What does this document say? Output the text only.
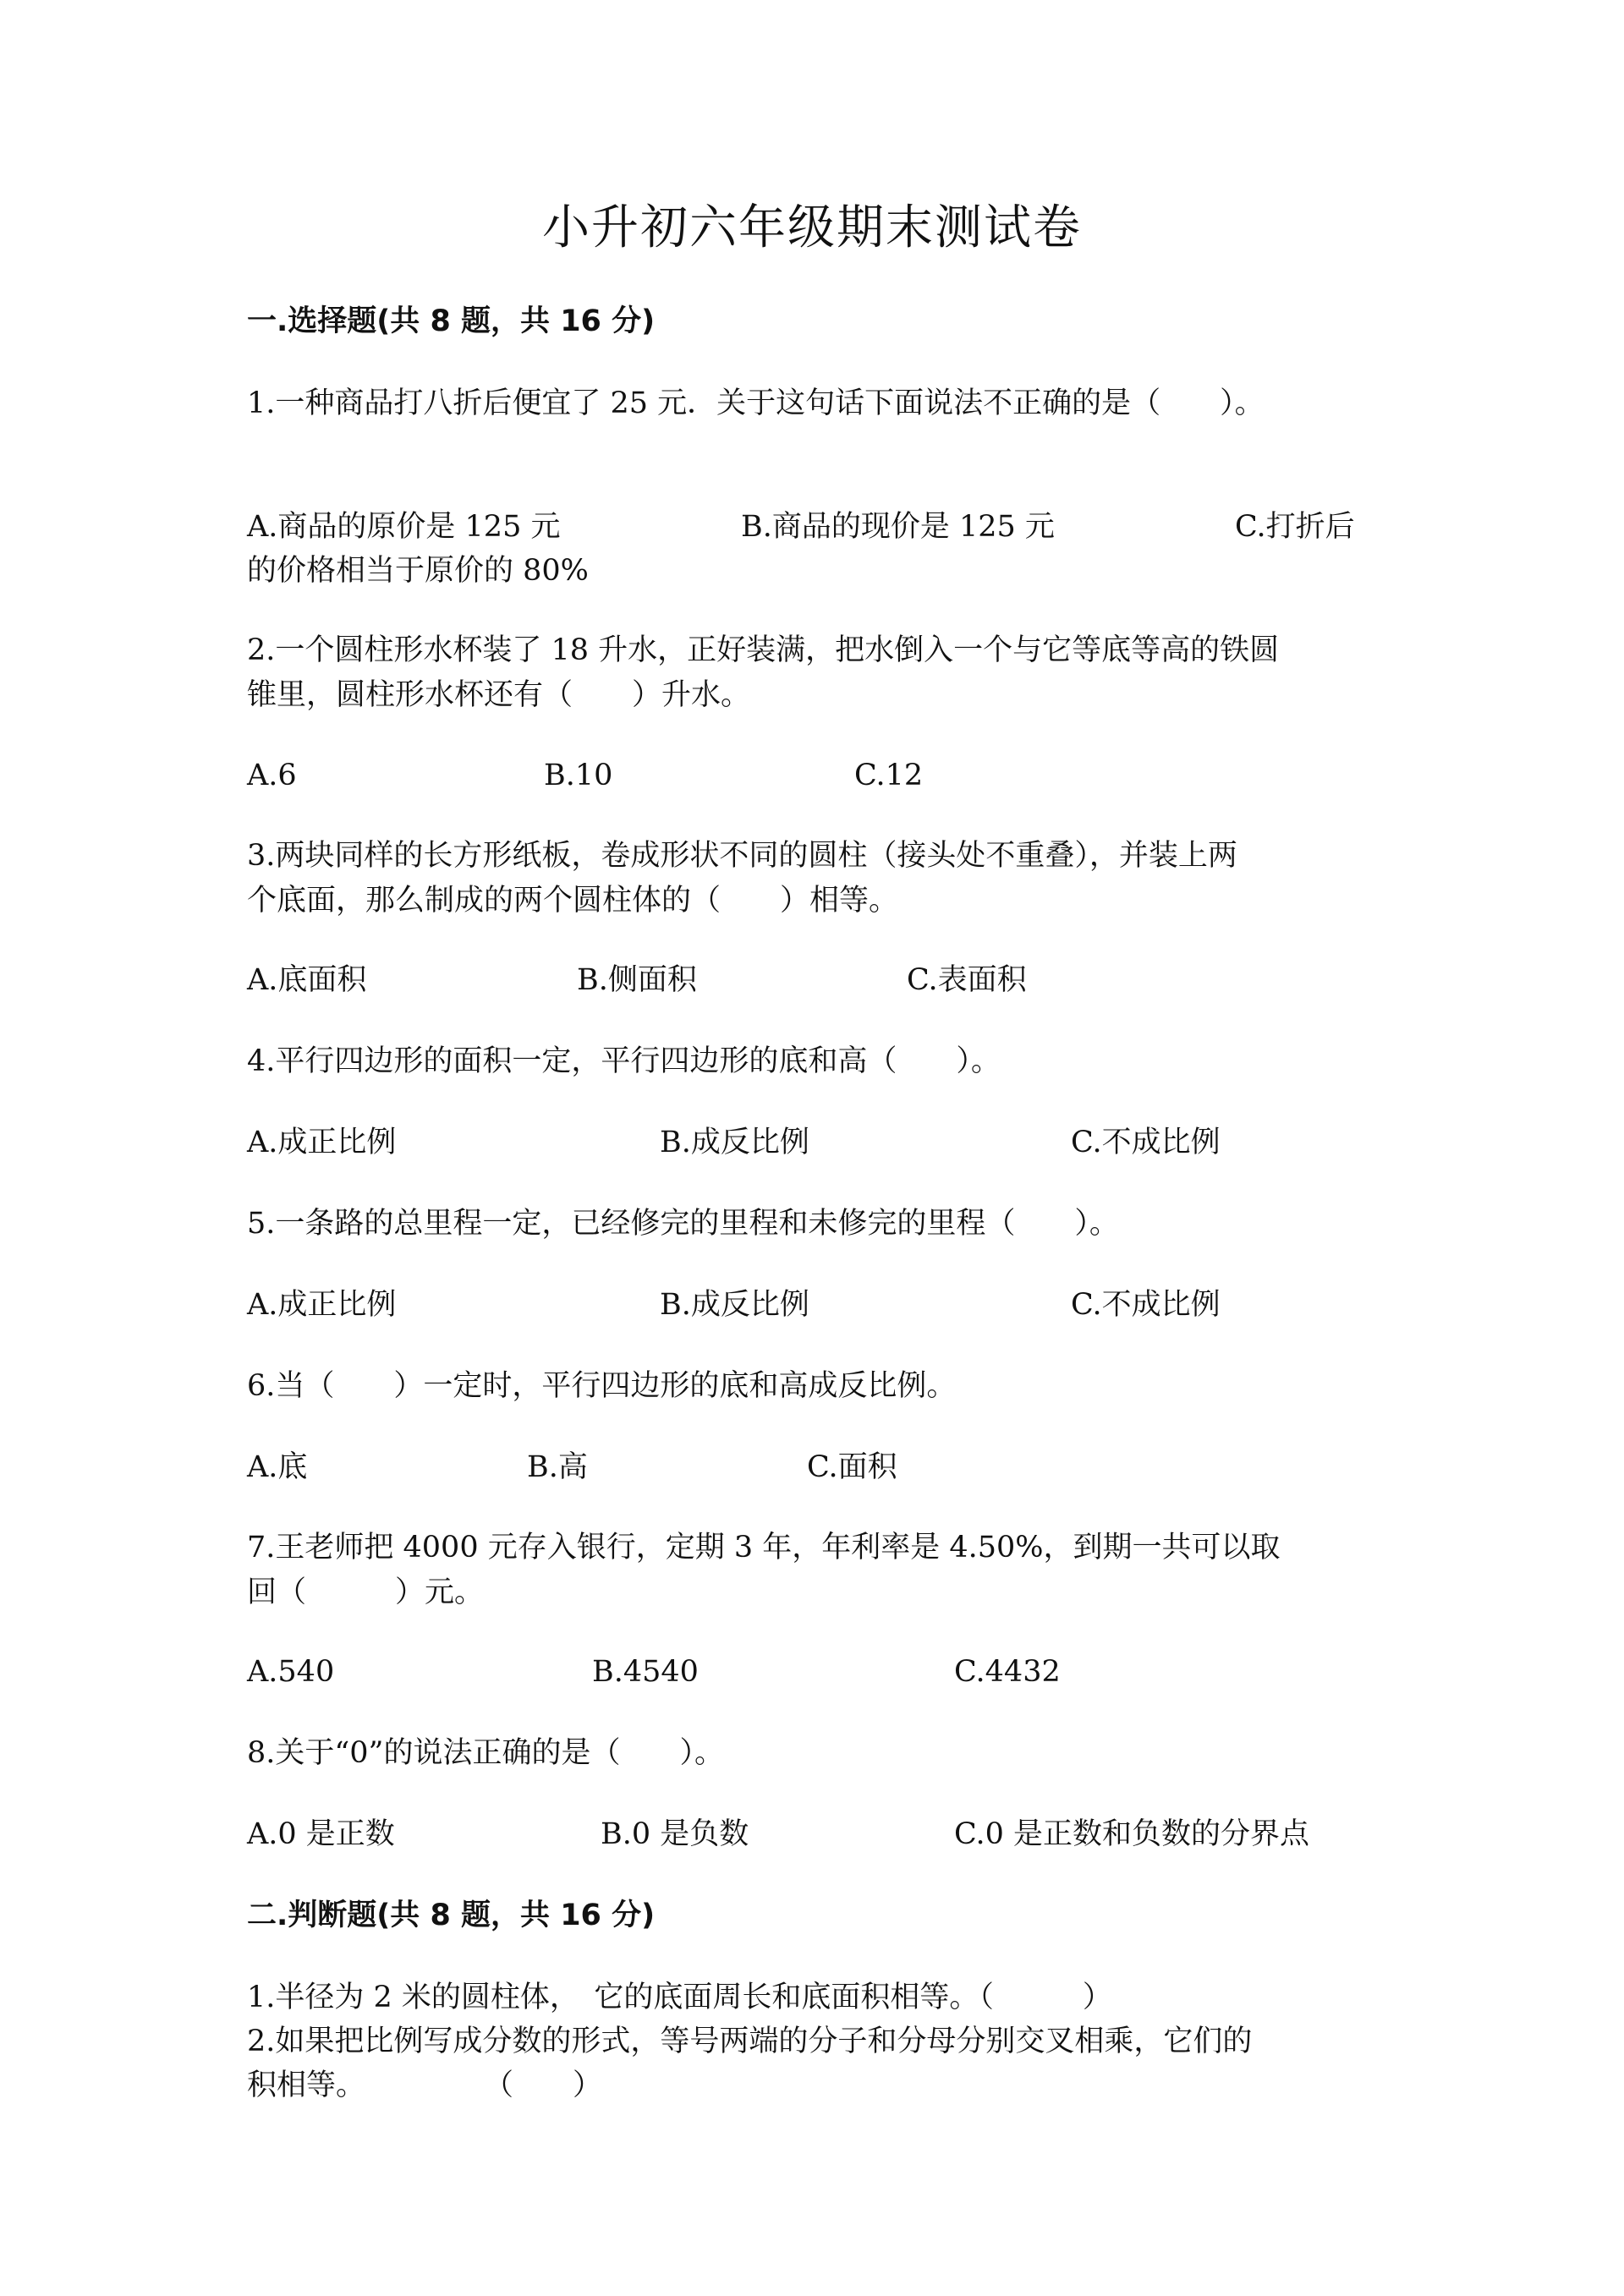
小升初六年级期末测试卷
一.选择题(共 8 题，共 16 分)
1.一种商品打八折后便宜了 25 元．关于这句话下面说法不正确的是（　　）。
A.商品的原价是 125 元	B.商品的现价是 125 元	C.打折后
的价格相当于原价的 80%
2.一个圆柱形水杯装了 18 升水，正好装满，把水倒入一个与它等底等高的铁圆
锥里，圆柱形水杯还有（　　）升水。
A.6	B.10	C.12
3.两块同样的长方形纸板，卷成形状不同的圆柱（接头处不重叠），并装上两
个底面，那么制成的两个圆柱体的（　　）相等。
A.底面积	B.侧面积	C.表面积
4.平行四边形的面积一定，平行四边形的底和高（　　）。
A.成正比例	B.成反比例	C.不成比例
5.一条路的总里程一定，已经修完的里程和未修完的里程（　　）。
A.成正比例	B.成反比例	C.不成比例
6.当（　　）一定时，平行四边形的底和高成反比例。
A.底	B.高	C.面积
7.王老师把 4000 元存入银行，定期 3 年，年利率是 4.50%，到期一共可以取
回（　　　）元。
A.540	B.4540	C.4432
8.关于“0”的说法正确的是（　　）。
A.0 是正数	B.0 是负数	C.0 是正数和负数的分界点
二.判断题(共 8 题，共 16 分)
1.半径为 2 米的圆柱体，　它的底面周长和底面积相等。（　　　）
2.如果把比例写成分数的形式，等号两端的分子和分母分别交叉相乘，它们的
积相等。　　　　　（　　）
